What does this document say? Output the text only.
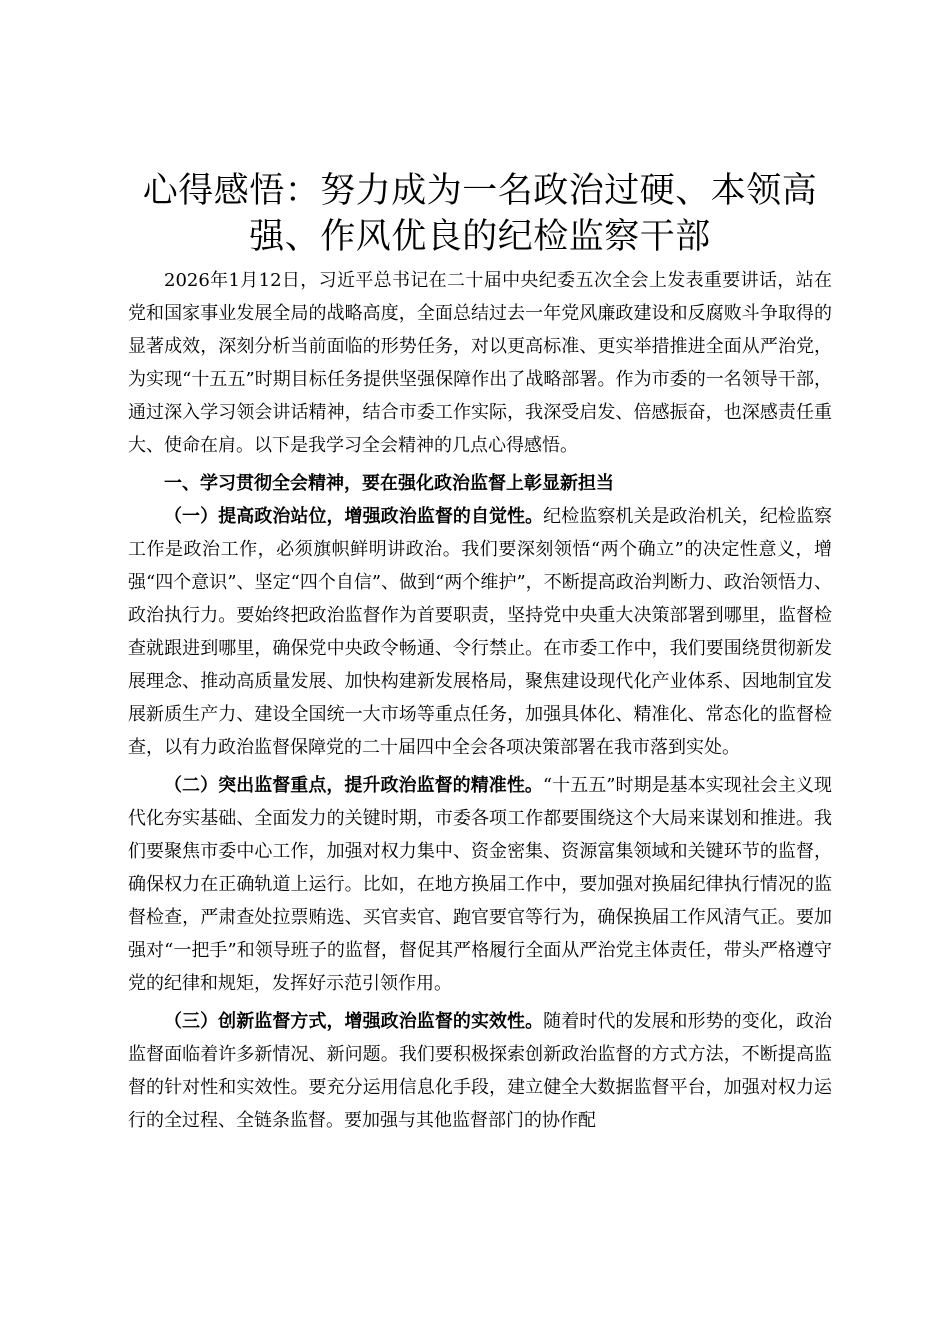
心得感悟：努力成为一名政治过硬、本领高强、作风优良的纪检监察干部

2026年1月12日，习近平总书记在二十届中央纪委五次全会上发表重要讲话，站在党和国家事业发展全局的战略高度，全面总结过去一年党风廉政建设和反腐败斗争取得的显著成效，深刻分析当前面临的形势任务，对以更高标准、更实举措推进全面从严治党，为实现“十五五”时期目标任务提供坚强保障作出了战略部署。作为市委的一名领导干部，通过深入学习领会讲话精神，结合市委工作实际，我深受启发、倍感振奋，也深感责任重大、使命在肩。以下是我学习全会精神的几点心得感悟。

一、学习贯彻全会精神，要在强化政治监督上彰显新担当

（一）提高政治站位，增强政治监督的自觉性。纪检监察机关是政治机关，纪检监察工作是政治工作，必须旗帜鲜明讲政治。我们要深刻领悟“两个确立”的决定性意义，增强“四个意识”、坚定“四个自信”、做到“两个维护”，不断提高政治判断力、政治领悟力、政治执行力。要始终把政治监督作为首要职责，坚持党中央重大决策部署到哪里，监督检查就跟进到哪里，确保党中央政令畅通、令行禁止。在市委工作中，我们要围绕贯彻新发展理念、推动高质量发展、加快构建新发展格局，聚焦建设现代化产业体系、因地制宜发展新质生产力、建设全国统一大市场等重点任务，加强具体化、精准化、常态化的监督检查，以有力政治监督保障党的二十届四中全会各项决策部署在我市落到实处。

（二）突出监督重点，提升政治监督的精准性。“十五五”时期是基本实现社会主义现代化夯实基础、全面发力的关键时期，市委各项工作都要围绕这个大局来谋划和推进。我们要聚焦市委中心工作，加强对权力集中、资金密集、资源富集领域和关键环节的监督，确保权力在正确轨道上运行。比如，在地方换届工作中，要加强对换届纪律执行情况的监督检查，严肃查处拉票贿选、买官卖官、跑官要官等行为，确保换届工作风清气正。要加强对“一把手”和领导班子的监督，督促其严格履行全面从严治党主体责任，带头严格遵守党的纪律和规矩，发挥好示范引领作用。

（三）创新监督方式，增强政治监督的实效性。随着时代的发展和形势的变化，政治监督面临着许多新情况、新问题。我们要积极探索创新政治监督的方式方法，不断提高监督的针对性和实效性。要充分运用信息化手段，建立健全大数据监督平台，加强对权力运行的全过程、全链条监督。要加强与其他监督部门的协作配
